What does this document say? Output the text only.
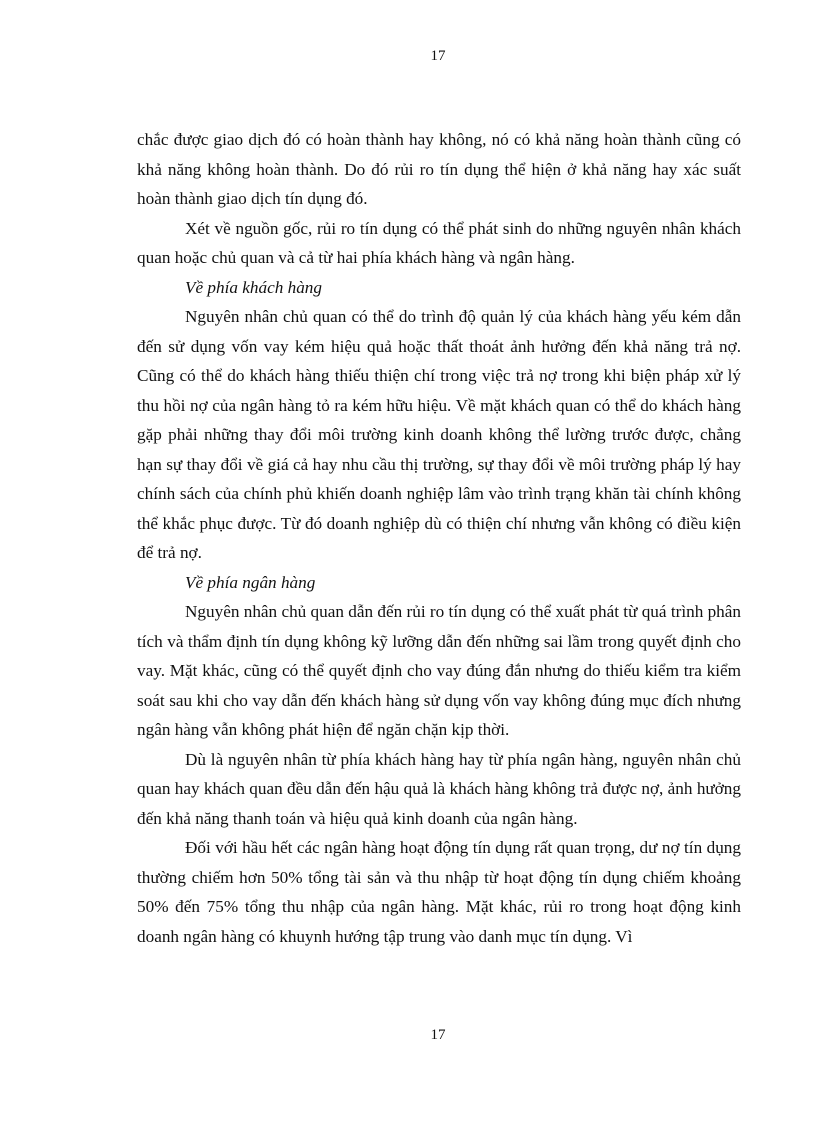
17

chắc được giao dịch đó có hoàn thành hay không, nó có khả năng hoàn thành cũng có khả năng không hoàn thành. Do đó rủi ro tín dụng thể hiện ở khả năng hay xác suất hoàn thành giao dịch tín dụng đó.

Xét về nguồn gốc, rủi ro tín dụng có thể phát sinh do những nguyên nhân khách quan hoặc chủ quan và cả từ hai phía khách hàng và ngân hàng.

Về phía khách hàng

Nguyên nhân chủ quan có thể do trình độ quản lý của khách hàng yếu kém dẫn đến sử dụng vốn vay kém hiệu quả hoặc thất thoát ảnh hưởng đến khả năng trả nợ. Cũng có thể do khách hàng thiếu thiện chí trong việc trả nợ trong khi biện pháp xử lý thu hồi nợ của ngân hàng tỏ ra kém hữu hiệu. Về mặt khách quan có thể do khách hàng gặp phải những thay đổi môi trường kinh doanh không thể lường trước được, chẳng hạn sự thay đổi về giá cả hay nhu cầu thị trường, sự thay đổi về môi trường pháp lý hay chính sách của chính phủ khiến doanh nghiệp lâm vào trình trạng khăn tài chính không thể khắc phục được. Từ đó doanh nghiệp dù có thiện chí nhưng vẫn không có điều kiện để trả nợ.

Về phía ngân hàng

Nguyên nhân chủ quan dẫn đến rủi ro tín dụng có thể xuất phát từ quá trình phân tích và thẩm định tín dụng không kỹ lưỡng dẫn đến những sai lầm trong quyết định cho vay. Mặt khác, cũng có thể quyết định cho vay đúng đắn nhưng do thiếu kiểm tra kiểm soát sau khi cho vay dẫn đến khách hàng sử dụng vốn vay không đúng mục đích nhưng ngân hàng vẫn không phát hiện để ngăn chặn kịp thời.

Dù là nguyên nhân từ phía khách hàng hay từ phía ngân hàng, nguyên nhân chủ quan hay khách quan đều dẫn đến hậu quả là khách hàng không trả được nợ, ảnh hưởng đến khả năng thanh toán và hiệu quả kinh doanh của ngân hàng.

Đối với hầu hết các ngân hàng hoạt động tín dụng rất quan trọng, dư nợ tín dụng thường chiếm hơn 50% tổng tài sản và thu nhập từ hoạt động tín dụng chiếm khoảng 50% đến 75% tổng thu nhập của ngân hàng. Mặt khác, rủi ro trong hoạt động kinh doanh ngân hàng có khuynh hướng tập trung vào danh mục tín dụng. Vì

17
